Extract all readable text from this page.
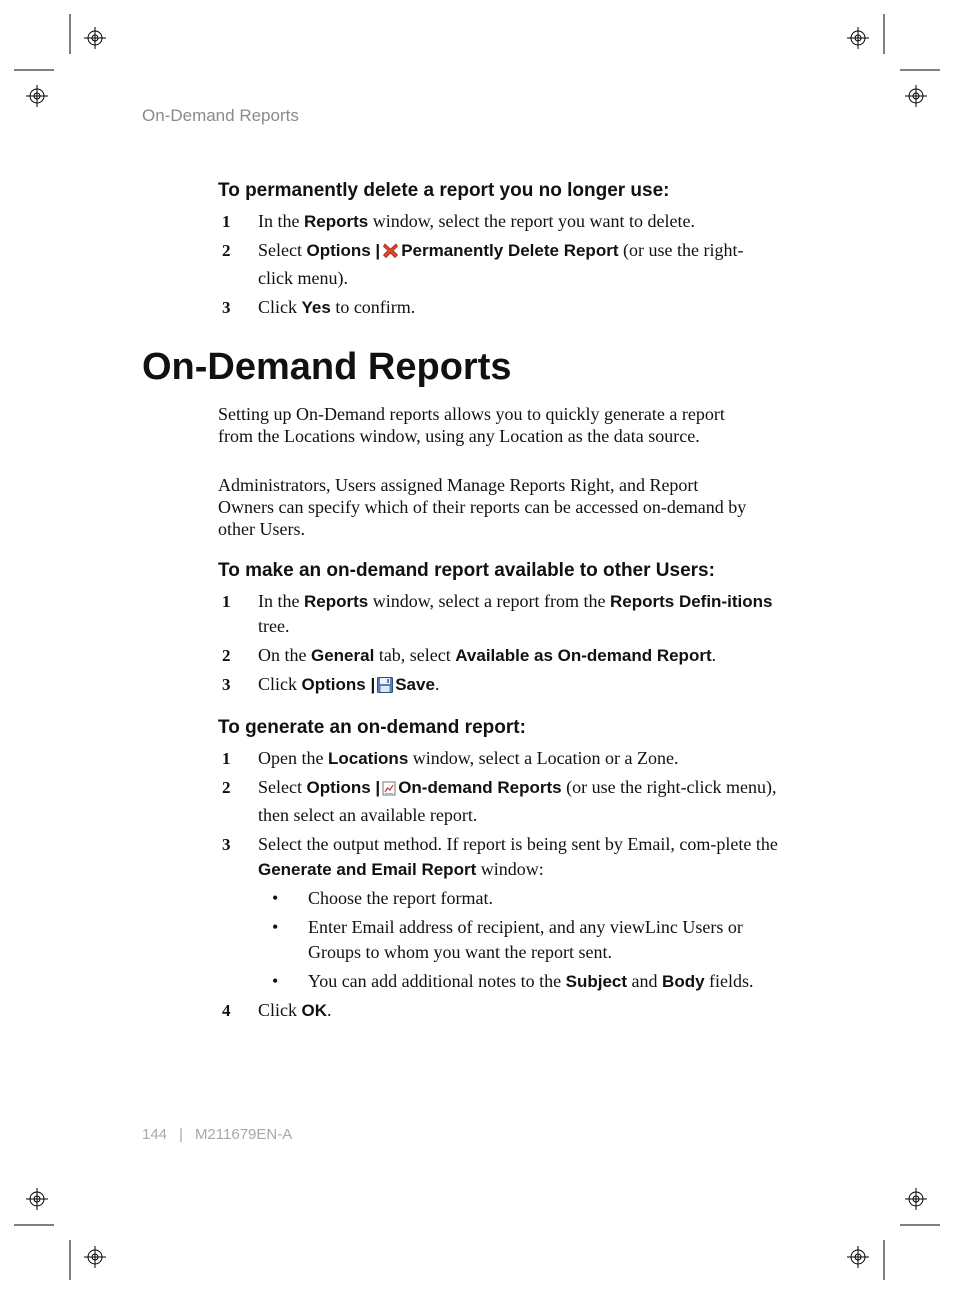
On-Demand Reports
To permanently delete a report you no longer use:
1 In the Reports window, select the report you want to delete.
2 Select Options | Permanently Delete Report (or use the right-click menu).
3 Click Yes to confirm.
On-Demand Reports

Setting up On-Demand reports allows you to quickly generate a report from the Locations window, using any Location as the data source.

Administrators, Users assigned Manage Reports Right, and Report Owners can specify which of their reports can be accessed on-demand by other Users.

To make an on-demand report available to other Users:
1 In the Reports window, select a report from the Reports Defin-itions tree.
2 On the General tab, select Available as On-demand Report.
3 Click Options | Save.
To generate an on-demand report:
1 Open the Locations window, select a Location or a Zone.
2 Select Options | On-demand Reports (or use the right-click menu), then select an available report.
3 Select the output method. If report is being sent by Email, com-plete the Generate and Email Report window:
• Choose the report format.
• Enter Email address of recipient, and any viewLinc Users or Groups to whom you want the report sent.
• You can add additional notes to the Subject and Body fields.
4 Click OK.
144 | M211679EN-A
